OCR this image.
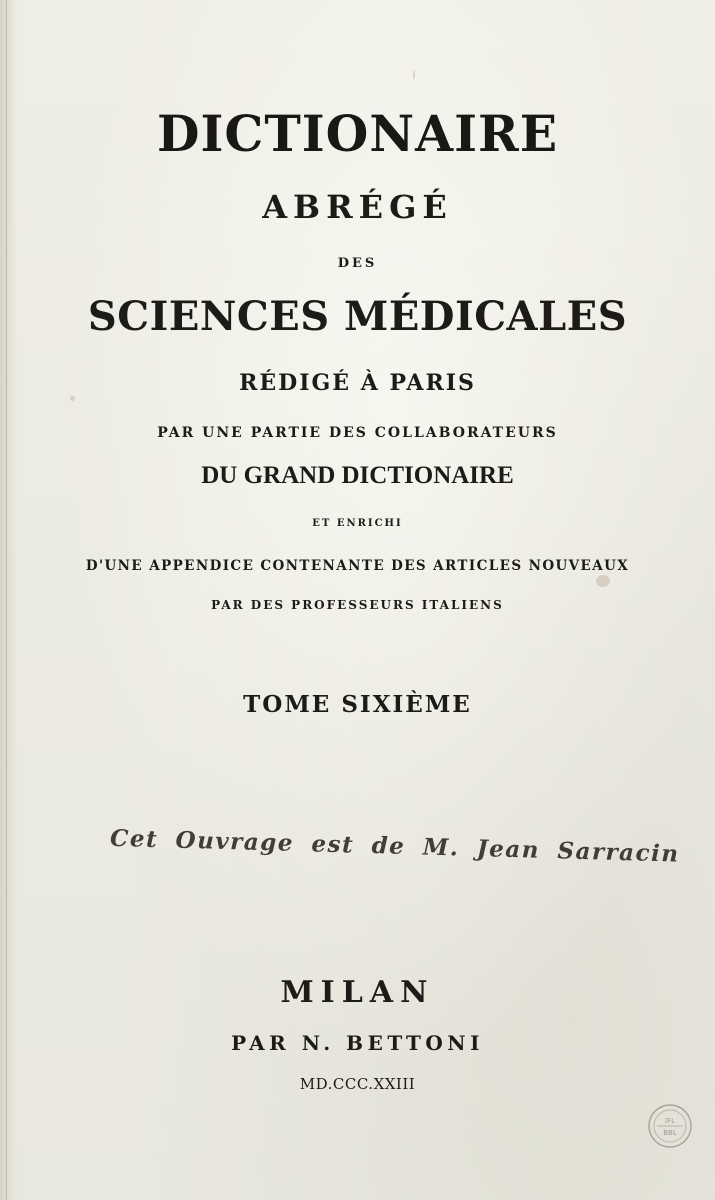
DICTIONAIRE
ABRÉGÉ
DES
SCIENCES MÉDICALES
RÉDIGÉ À PARIS
PAR UNE PARTIE DES COLLABORATEURS
DU GRAND DICTIONAIRE
ET ENRICHI
D'UNE APPENDICE CONTENANTE DES ARTICLES NOUVEAUX
PAR DES PROFESSEURS ITALIENS
TOME SIXIÈME
Cet Ouvrage est de M. Jean Sarracin
MILAN
PAR N. BETTONI
MD.CCC.XXIII
IFL
BBL
